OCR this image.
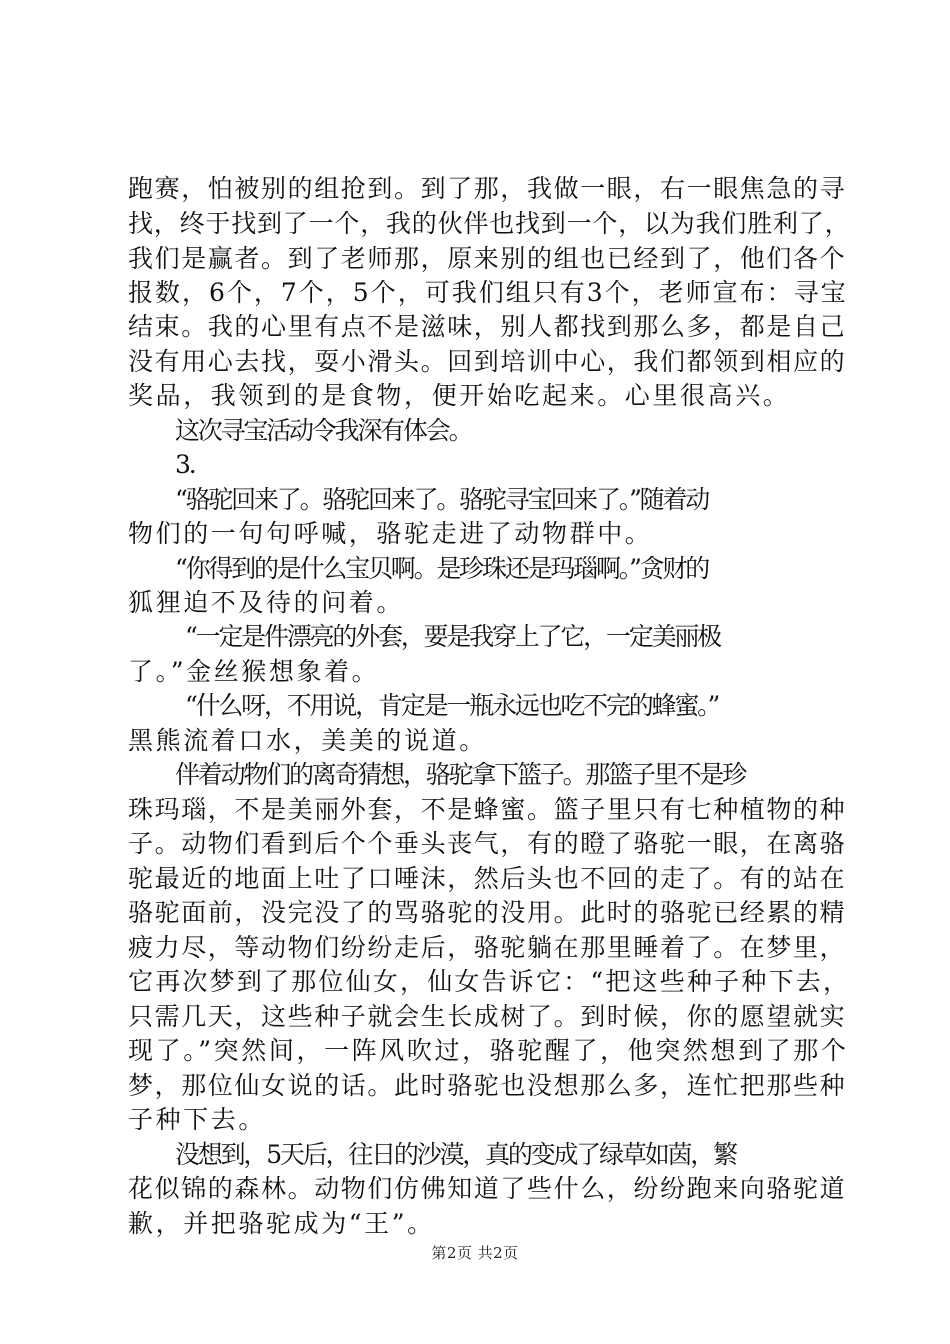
跑赛，怕被别的组抢到。到了那，我做一眼，右一眼焦急的寻
找，终于找到了一个，我的伙伴也找到一个，以为我们胜利了，
我们是赢者。到了老师那，原来别的组也已经到了，他们各个
报数，6个，7个，5个，可我们组只有3个，老师宣布：寻宝
结束。我的心里有点不是滋味，别人都找到那么多，都是自己
没有用心去找，耍小滑头。回到培训中心，我们都领到相应的
奖品，我领到的是食物，便开始吃起来。心里很高兴。
这次寻宝活动令我深有体会。
3.
“骆驼回来了。骆驼回来了。骆驼寻宝回来了。”随着动
物们的一句句呼喊，骆驼走进了动物群中。
“你得到的是什么宝贝啊。是珍珠还是玛瑙啊。”贪财的
狐狸迫不及待的问着。
“一定是件漂亮的外套，要是我穿上了它，一定美丽极
了。”金丝猴想象着。
“什么呀，不用说，肯定是一瓶永远也吃不完的蜂蜜。”
黑熊流着口水，美美的说道。
伴着动物们的离奇猜想，骆驼拿下篮子。那篮子里不是珍
珠玛瑙，不是美丽外套，不是蜂蜜。篮子里只有七种植物的种
子。动物们看到后个个垂头丧气，有的瞪了骆驼一眼，在离骆
驼最近的地面上吐了口唾沫，然后头也不回的走了。有的站在
骆驼面前，没完没了的骂骆驼的没用。此时的骆驼已经累的精
疲力尽，等动物们纷纷走后，骆驼躺在那里睡着了。在梦里，
它再次梦到了那位仙女，仙女告诉它：“把这些种子种下去，
只需几天，这些种子就会生长成树了。到时候，你的愿望就实
现了。”突然间，一阵风吹过，骆驼醒了，他突然想到了那个
梦，那位仙女说的话。此时骆驼也没想那么多，连忙把那些种
子种下去。
没想到，5天后，往日的沙漠，真的变成了绿草如茵，繁
花似锦的森林。动物们仿佛知道了些什么，纷纷跑来向骆驼道
歉，并把骆驼成为“王”。
第2页 共2页
